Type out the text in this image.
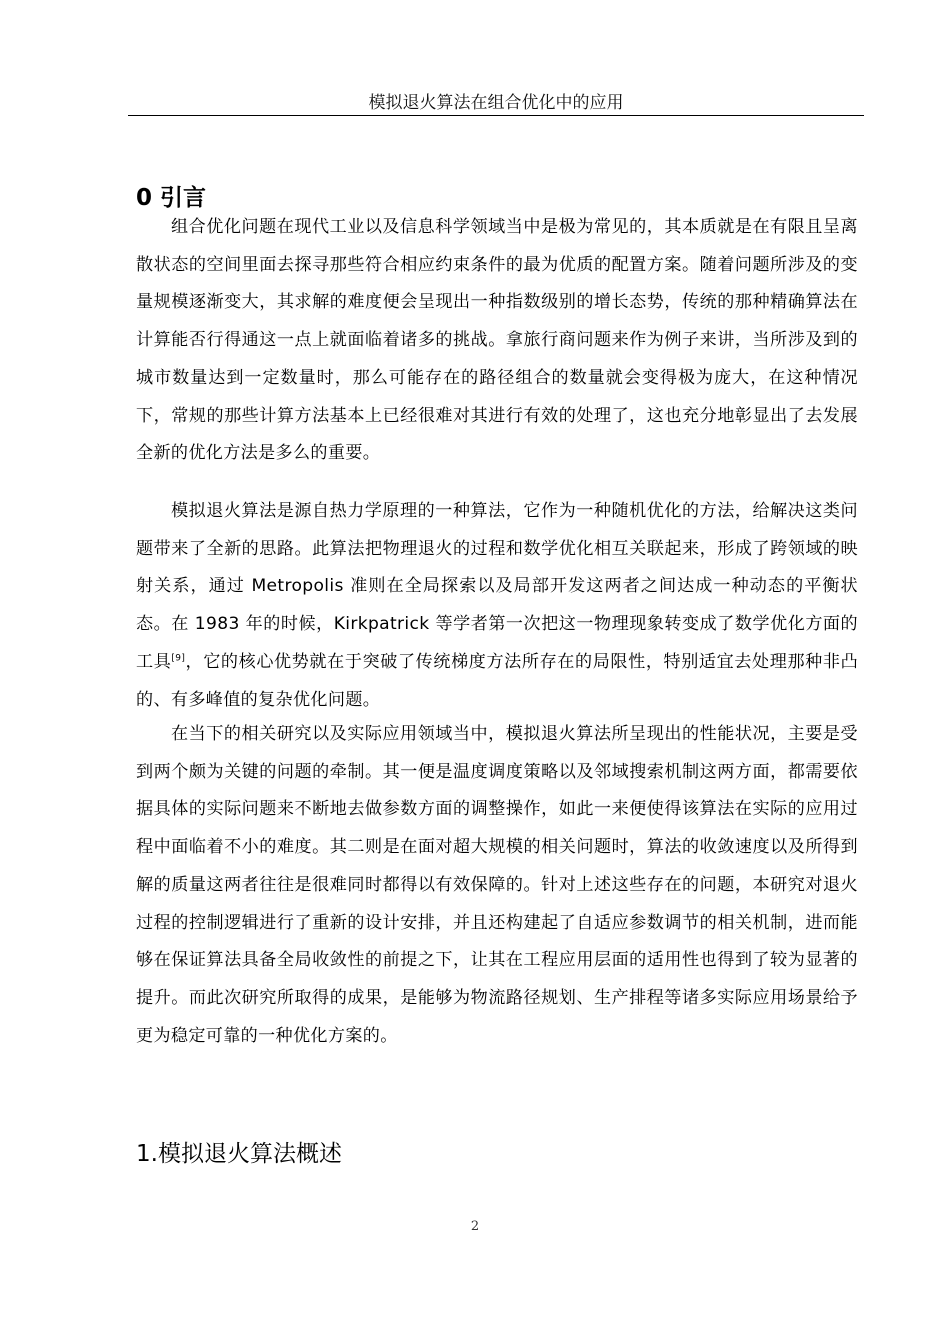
模拟退火算法在组合优化中的应用
0 引言

组合优化问题在现代工业以及信息科学领域当中是极为常见的，其本质就是在有限且呈离散状态的空间里面去探寻那些符合相应约束条件的最为优质的配置方案。随着问题所涉及的变量规模逐渐变大，其求解的难度便会呈现出一种指数级别的增长态势，传统的那种精确算法在计算能否行得通这一点上就面临着诸多的挑战。拿旅行商问题来作为例子来讲，当所涉及到的城市数量达到一定数量时，那么可能存在的路径组合的数量就会变得极为庞大，在这种情况下，常规的那些计算方法基本上已经很难对其进行有效的处理了，这也充分地彰显出了去发展全新的优化方法是多么的重要。

模拟退火算法是源自热力学原理的一种算法，它作为一种随机优化的方法，给解决这类问题带来了全新的思路。此算法把物理退火的过程和数学优化相互关联起来，形成了跨领域的映射关系，通过 Metropolis 准则在全局探索以及局部开发这两者之间达成一种动态的平衡状态。在 1983 年的时候，Kirkpatrick 等学者第一次把这一物理现象转变成了数学优化方面的工具[9]，它的核心优势就在于突破了传统梯度方法所存在的局限性，特别适宜去处理那种非凸的、有多峰值的复杂优化问题。

在当下的相关研究以及实际应用领域当中，模拟退火算法所呈现出的性能状况，主要是受到两个颇为关键的问题的牵制。其一便是温度调度策略以及邻域搜索机制这两方面，都需要依据具体的实际问题来不断地去做参数方面的调整操作，如此一来便使得该算法在实际的应用过程中面临着不小的难度。其二则是在面对超大规模的相关问题时，算法的收敛速度以及所得到解的质量这两者往往是很难同时都得以有效保障的。针对上述这些存在的问题，本研究对退火过程的控制逻辑进行了重新的设计安排，并且还构建起了自适应参数调节的相关机制，进而能够在保证算法具备全局收敛性的前提之下，让其在工程应用层面的适用性也得到了较为显著的提升。而此次研究所取得的成果，是能够为物流路径规划、生产排程等诸多实际应用场景给予更为稳定可靠的一种优化方案的。

1.模拟退火算法概述
2
